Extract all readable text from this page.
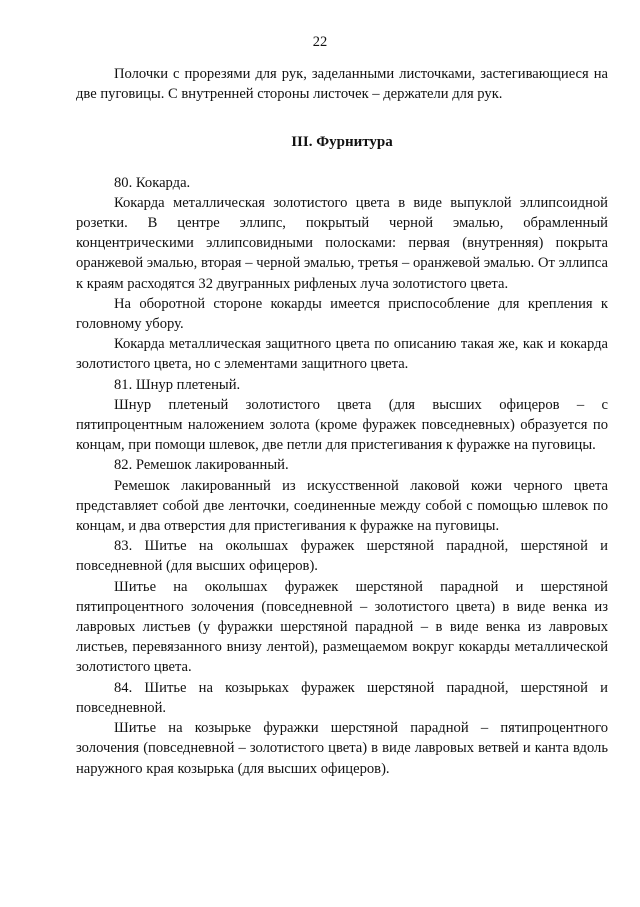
22

Полочки с прорезями для рук, заделанными листочками, застегивающиеся на две пуговицы. С внутренней стороны листочек – держатели для рук.

III. Фурнитура

80. Кокарда.

Кокарда металлическая золотистого цвета в виде выпуклой эллипсоидной розетки. В центре эллипс, покрытый черной эмалью, обрамленный концентрическими эллипсовидными полосками: первая (внутренняя) покрыта оранжевой эмалью, вторая – черной эмалью, третья – оранжевой эмалью. От эллипса к краям расходятся 32 двугранных рифленых луча золотистого цвета.

На оборотной стороне кокарды имеется приспособление для крепления к головному убору.

Кокарда металлическая защитного цвета по описанию такая же, как и кокарда золотистого цвета, но с элементами защитного цвета.

81. Шнур плетеный.

Шнур плетеный золотистого цвета (для высших офицеров – с пятипроцентным наложением золота (кроме фуражек повседневных) образуется по концам, при помощи шлевок, две петли для пристегивания к фуражке на пуговицы.

82. Ремешок лакированный.

Ремешок лакированный из искусственной лаковой кожи черного цвета представляет собой две ленточки, соединенные между собой с помощью шлевок по концам, и два отверстия для пристегивания к фуражке на пуговицы.

83. Шитье на околышах фуражек шерстяной парадной, шерстяной и повседневной (для высших офицеров).

Шитье на околышах фуражек шерстяной парадной и шерстяной пятипроцентного золочения (повседневной – золотистого цвета) в виде венка из лавровых листьев (у фуражки шерстяной парадной – в виде венка из лавровых листьев, перевязанного внизу лентой), размещаемом вокруг кокарды металлической золотистого цвета.

84. Шитье на козырьках фуражек шерстяной парадной, шерстяной и повседневной.

Шитье на козырьке фуражки шерстяной парадной – пятипроцентного золочения (повседневной – золотистого цвета) в виде лавровых ветвей и канта вдоль наружного края козырька (для высших офицеров).
